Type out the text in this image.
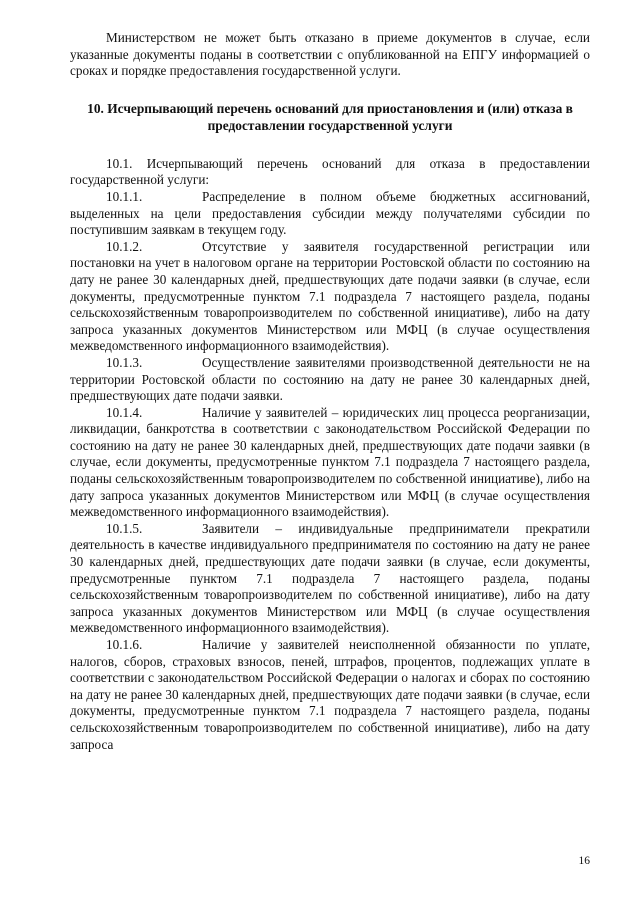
Министерством не может быть отказано в приеме документов в случае, если указанные документы поданы в соответствии с опубликованной на ЕПГУ информацией о сроках и порядке предоставления государственной услуги.

10. Исчерпывающий перечень оснований для приостановления и (или) отказа в предоставлении государственной услуги

10.1. Исчерпывающий перечень оснований для отказа в предоставлении государственной услуги:

10.1.1.	Распределение в полном объеме бюджетных ассигнований, выделенных на цели предоставления субсидии между получателями субсидии по поступившим заявкам в текущем году.

10.1.2.	Отсутствие у заявителя государственной регистрации или постановки на учет в налоговом органе на территории Ростовской области по состоянию на дату не ранее 30 календарных дней, предшествующих дате подачи заявки (в случае, если документы, предусмотренные пунктом 7.1 подраздела 7 настоящего раздела, поданы сельскохозяйственным товаропроизводителем по собственной инициативе), либо на дату запроса указанных документов Министерством или МФЦ (в случае осуществления межведомственного информационного взаимодействия).

10.1.3.	Осуществление заявителями производственной деятельности не на территории Ростовской области по состоянию на дату не ранее 30 календарных дней, предшествующих дате подачи заявки.

10.1.4.	Наличие у заявителей – юридических лиц процесса реорганизации, ликвидации, банкротства в соответствии с законодательством Российской Федерации по состоянию на дату не ранее 30 календарных дней, предшествующих дате подачи заявки (в случае, если документы, предусмотренные пунктом 7.1 подраздела 7 настоящего раздела, поданы сельскохозяйственным товаропроизводителем по собственной инициативе), либо на дату запроса указанных документов Министерством или МФЦ (в случае осуществления межведомственного информационного взаимодействия).

10.1.5.	Заявители – индивидуальные предприниматели прекратили деятельность в качестве индивидуального предпринимателя по состоянию на дату не ранее 30 календарных дней, предшествующих дате подачи заявки (в случае, если документы, предусмотренные пунктом 7.1 подраздела 7 настоящего раздела, поданы сельскохозяйственным товаропроизводителем по собственной инициативе), либо на дату запроса указанных документов Министерством или МФЦ (в случае осуществления межведомственного информационного взаимодействия).

10.1.6.	Наличие у заявителей неисполненной обязанности по уплате, налогов, сборов, страховых взносов, пеней, штрафов, процентов, подлежащих уплате в соответствии с законодательством Российской Федерации о налогах и сборах по состоянию на дату не ранее 30 календарных дней, предшествующих дате подачи заявки (в случае, если документы, предусмотренные пунктом 7.1 подраздела 7 настоящего раздела, поданы сельскохозяйственным товаропроизводителем по собственной инициативе), либо на дату запроса

16
